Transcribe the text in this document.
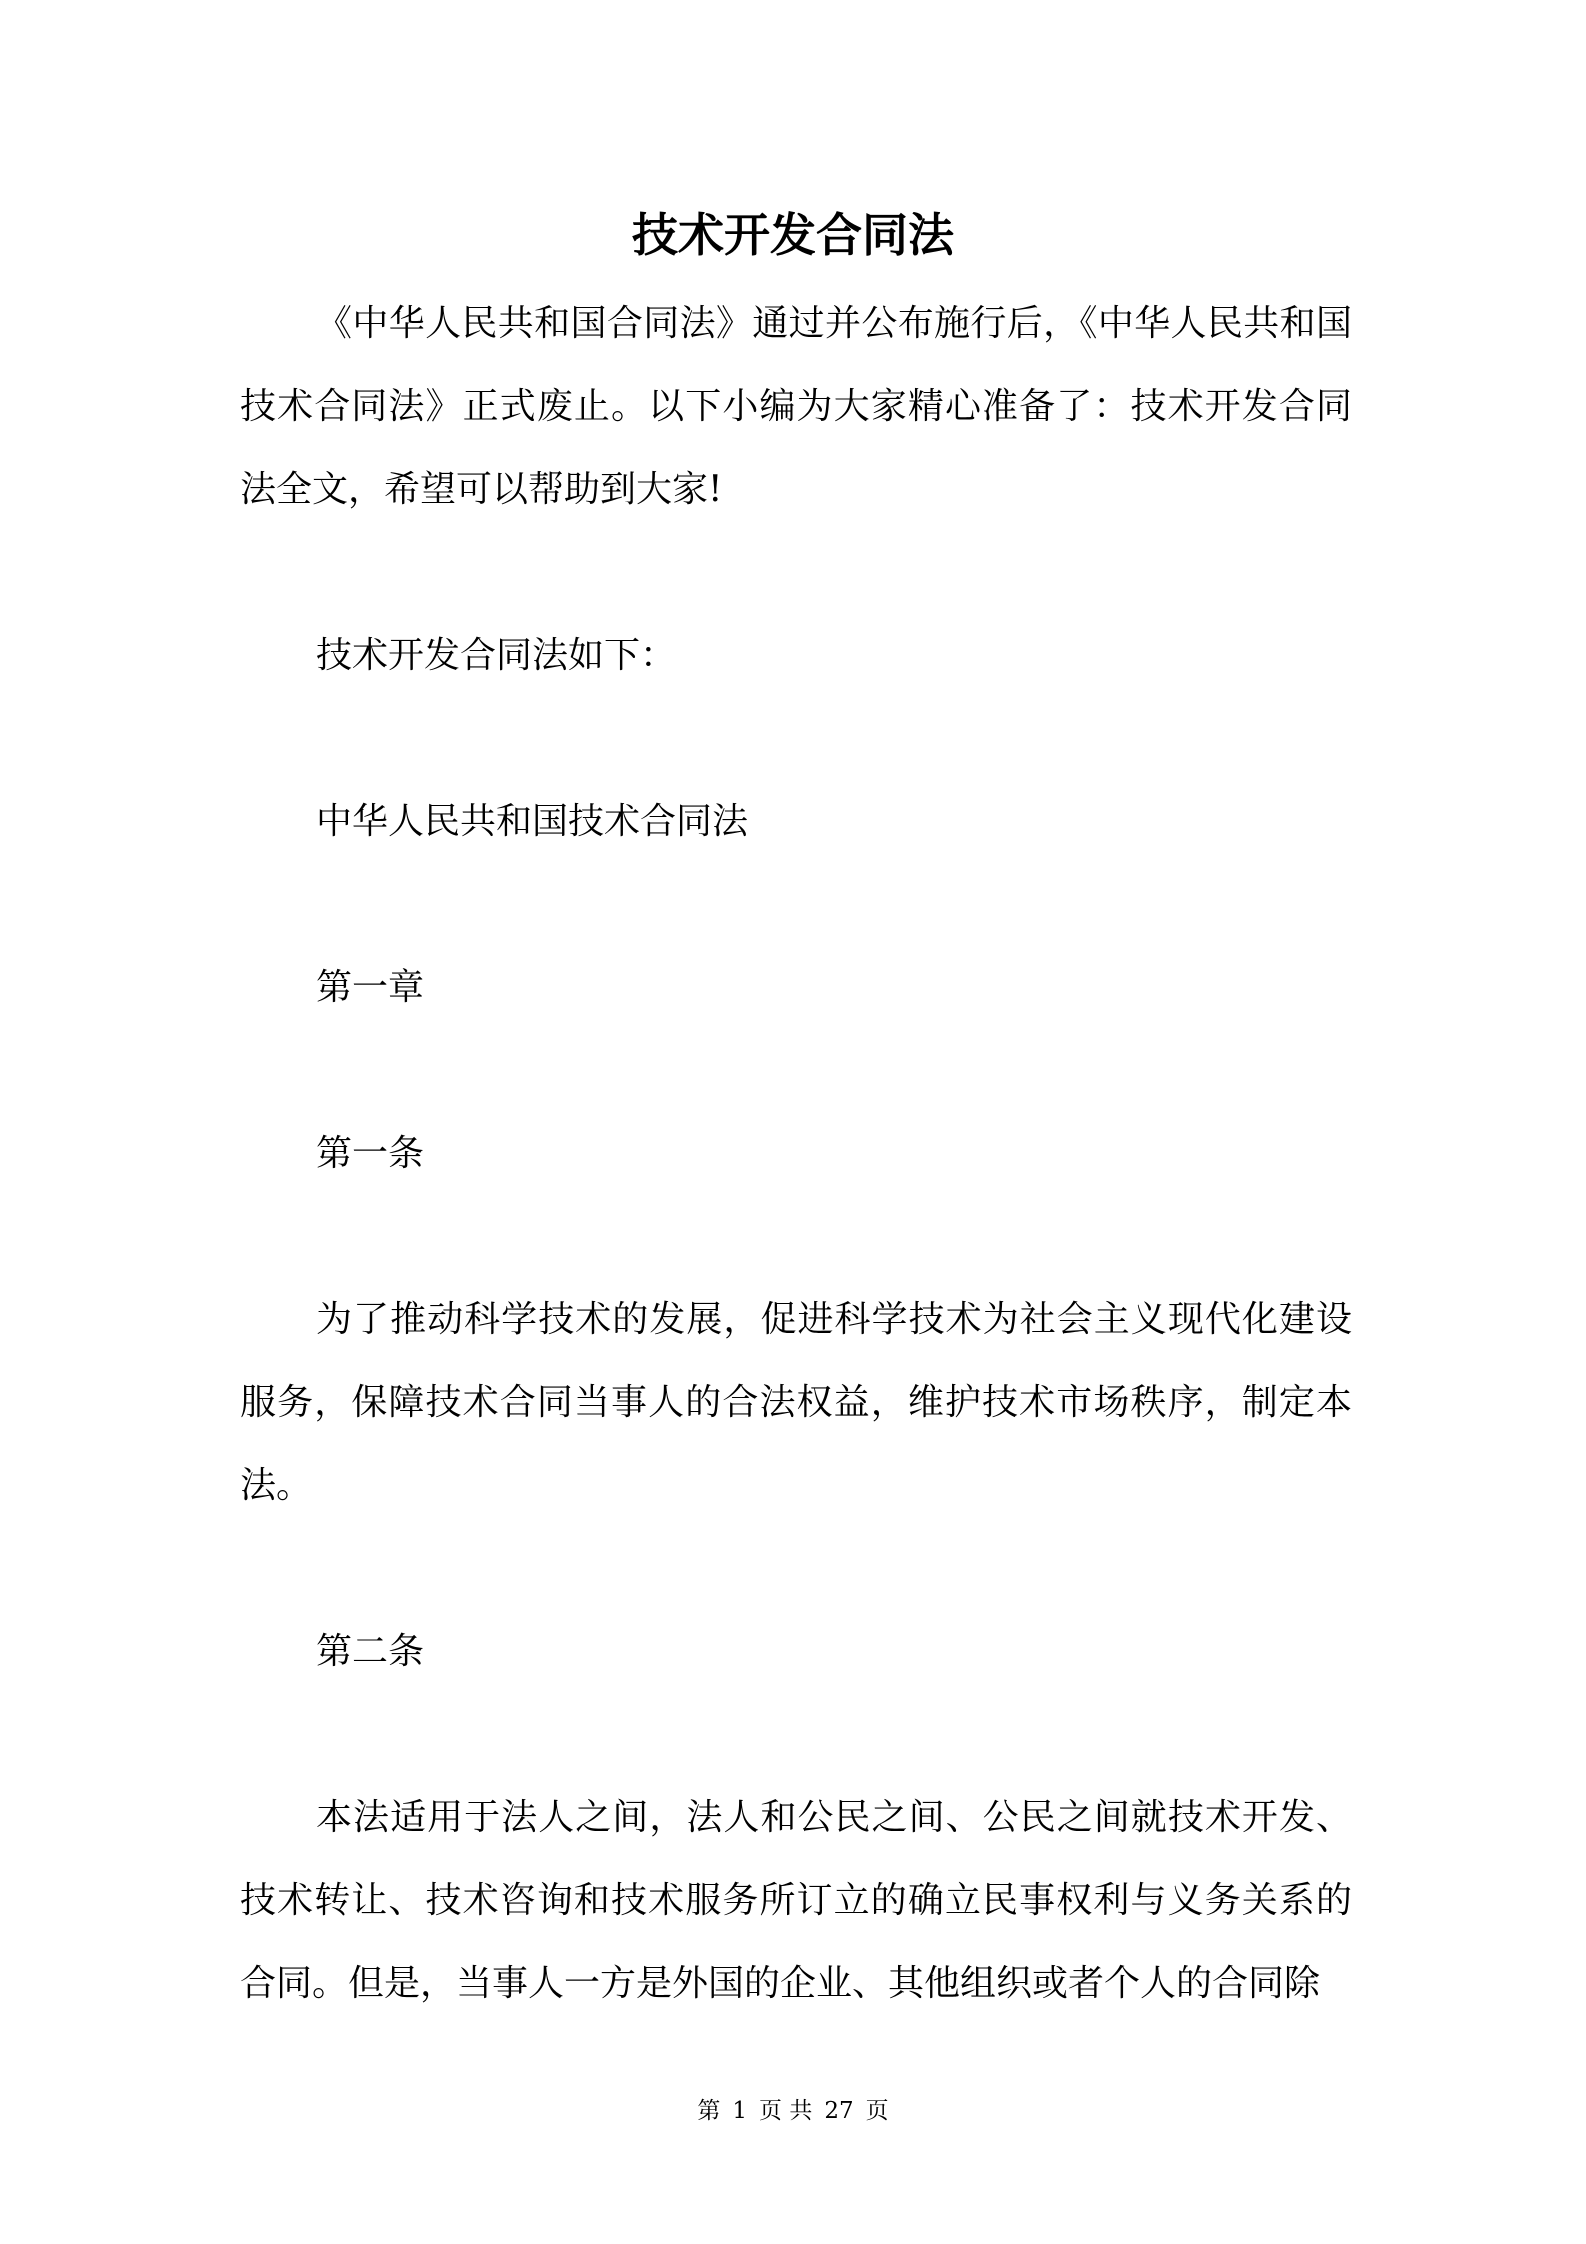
技术开发合同法

《中华人民共和国合同法》通过并公布施行后，《中华人民共和国技术合同法》正式废止。以下小编为大家精心准备了：技术开发合同法全文，希望可以帮助到大家!

技术开发合同法如下：

中华人民共和国技术合同法

第一章

第一条

为了推动科学技术的发展，促进科学技术为社会主义现代化建设服务，保障技术合同当事人的合法权益，维护技术市场秩序，制定本法。

第二条

本法适用于法人之间，法人和公民之间、公民之间就技术开发、技术转让、技术咨询和技术服务所订立的确立民事权利与义务关系的合同。但是，当事人一方是外国的企业、其他组织或者个人的合同除

第 1 页 共 27 页
